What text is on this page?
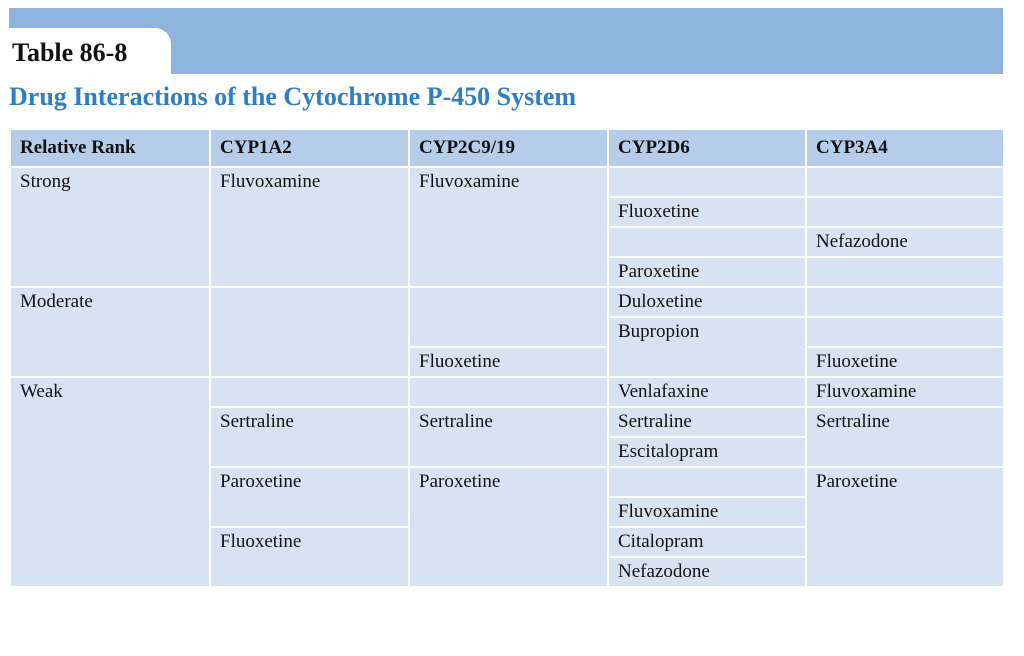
Table 86-8
Drug Interactions of the Cytochrome P-450 System
Relative Rank	CYP1A2	CYP2C9/19	CYP2D6	CYP3A4
Strong	Fluvoxamine	Fluvoxamine		
			Fluoxetine	
				Nefazodone
			Paroxetine	
Moderate			Duloxetine	
			Bupropion	
		Fluoxetine		Fluoxetine
Weak			Venlafaxine	Fluvoxamine
	Sertraline	Sertraline	Sertraline	Sertraline
			Escitalopram	
	Paroxetine	Paroxetine		Paroxetine
			Fluvoxamine	
	Fluoxetine		Citalopram	
			Nefazodone	
